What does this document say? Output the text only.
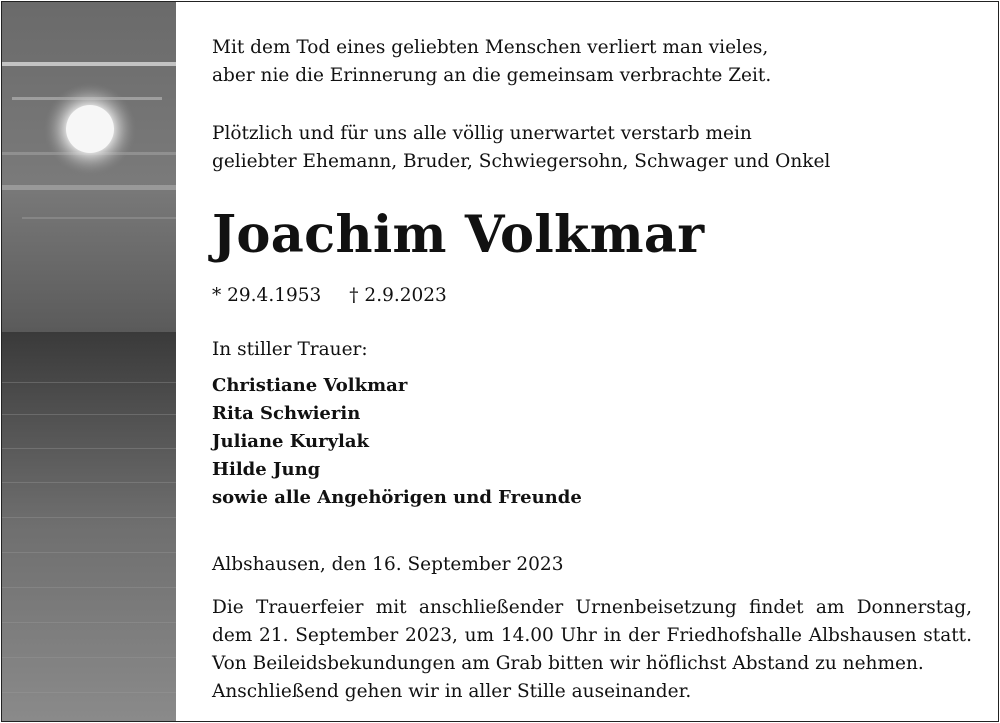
Mit dem Tod eines geliebten Menschen verliert man vieles,

aber nie die Erinnerung an die gemeinsam verbrachte Zeit.

Plötzlich und für uns alle völlig unerwartet verstarb mein

geliebter Ehemann, Bruder, Schwiegersohn, Schwager und Onkel

Joachim Volkmar
* 29.4.1953 † 2.9.2023

In stiller Trauer:

Christiane Volkmar

Rita Schwierin

Juliane Kurylak

Hilde Jung

sowie alle Angehörigen und Freunde

Albshausen, den 16. September 2023

Die Trauerfeier mit anschließender Urnenbeisetzung findet am Donnerstag,

dem 21. September 2023, um 14.00 Uhr in der Friedhofshalle Albshausen statt.

Von Beileidsbekundungen am Grab bitten wir höflichst Abstand zu nehmen.

Anschließend gehen wir in aller Stille auseinander.
